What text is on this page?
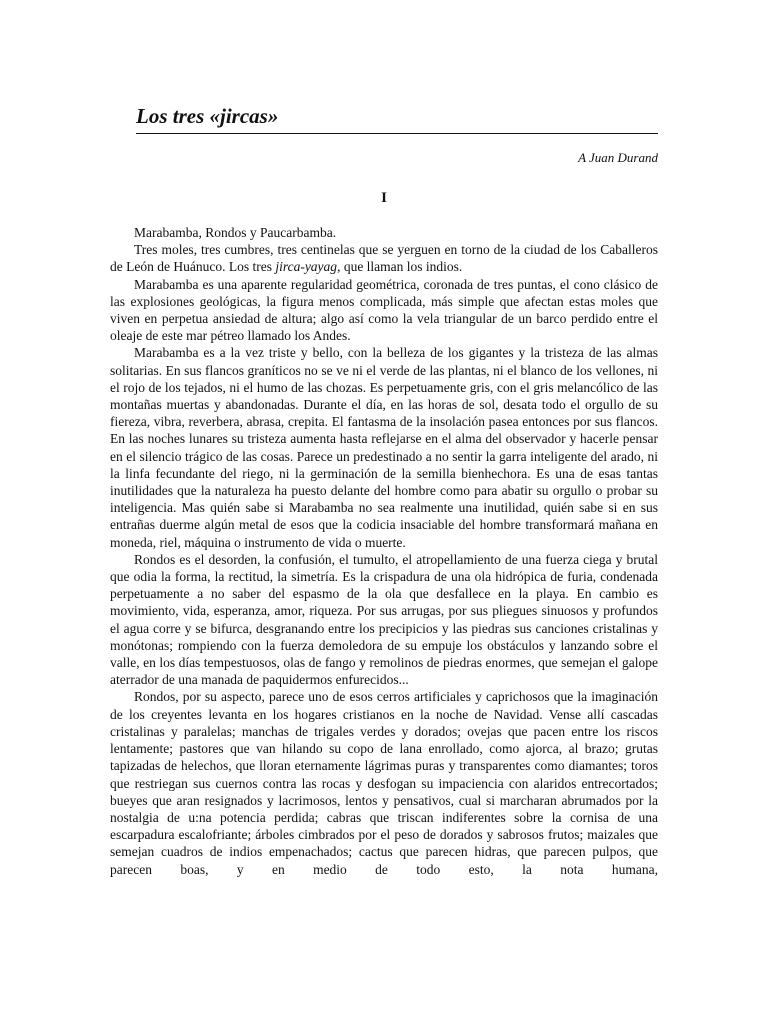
Los tres «jircas»
A Juan Durand
I

Marabamba, Rondos y Paucarbamba.

Tres moles, tres cumbres, tres centinelas que se yerguen en torno de la ciudad de los Caballeros de León de Huánuco. Los tres jirca-yayag, que llaman los indios.

Marabamba es una aparente regularidad geométrica, coronada de tres puntas, el cono clásico de las explosiones geológicas, la figura menos complicada, más simple que afectan estas moles que viven en perpetua ansiedad de altura; algo así como la vela triangular de un barco perdido entre el oleaje de este mar pétreo llamado los Andes.

Marabamba es a la vez triste y bello, con la belleza de los gigantes y la tristeza de las almas solitarias. En sus flancos graníticos no se ve ni el verde de las plantas, ni el blanco de los vellones, ni el rojo de los tejados, ni el humo de las chozas. Es perpetuamente gris, con el gris melancólico de las montañas muertas y abandonadas. Durante el día, en las horas de sol, desata todo el orgullo de su fiereza, vibra, reverbera, abrasa, crepita. El fantasma de la insolación pasea entonces por sus flancos. En las noches lunares su tristeza aumenta hasta reflejarse en el alma del observador y hacerle pensar en el silencio trágico de las cosas. Parece un predestinado a no sentir la garra inteligente del arado, ni la linfa fecundante del riego, ni la germinación de la semilla bienhechora. Es una de esas tantas inutilidades que la naturaleza ha puesto delante del hombre como para abatir su orgullo o probar su inteligencia. Mas quién sabe si Marabamba no sea realmente una inutilidad, quién sabe si en sus entrañas duerme algún metal de esos que la codicia insaciable del hombre transformará mañana en moneda, riel, máquina o instrumento de vida o muerte.

Rondos es el desorden, la confusión, el tumulto, el atropellamiento de una fuerza ciega y brutal que odia la forma, la rectitud, la simetría. Es la crispadura de una ola hidrópica de furia, condenada perpetuamente a no saber del espasmo de la ola que desfallece en la playa. En cambio es movimiento, vida, esperanza, amor, riqueza. Por sus arrugas, por sus pliegues sinuosos y profundos el agua corre y se bifurca, desgranando entre los precipicios y las piedras sus canciones cristalinas y monótonas; rompiendo con la fuerza demoledora de su empuje los obstáculos y lanzando sobre el valle, en los días tempestuosos, olas de fango y remolinos de piedras enormes, que semejan el galope aterrador de una manada de paquidermos enfurecidos...

Rondos, por su aspecto, parece uno de esos cerros artificiales y caprichosos que la imaginación de los creyentes levanta en los hogares cristianos en la noche de Navidad. Vense allí cascadas cristalinas y paralelas; manchas de trigales verdes y dorados; ovejas que pacen entre los riscos lentamente; pastores que van hilando su copo de lana enrollado, como ajorca, al brazo; grutas tapizadas de helechos, que lloran eternamente lágrimas puras y transparentes como diamantes; toros que restriegan sus cuernos contra las rocas y desfogan su impaciencia con alaridos entrecortados; bueyes que aran resignados y lacrimosos, lentos y pensativos, cual si marcharan abrumados por la nostalgia de u:na potencia perdida; cabras que triscan indiferentes sobre la cornisa de una escarpadura escalofriante; árboles cimbrados por el peso de dorados y sabrosos frutos; maizales que semejan cuadros de indios empenachados; cactus que parecen hidras, que parecen pulpos, que parecen boas, y en medio de todo esto, la nota humana,
